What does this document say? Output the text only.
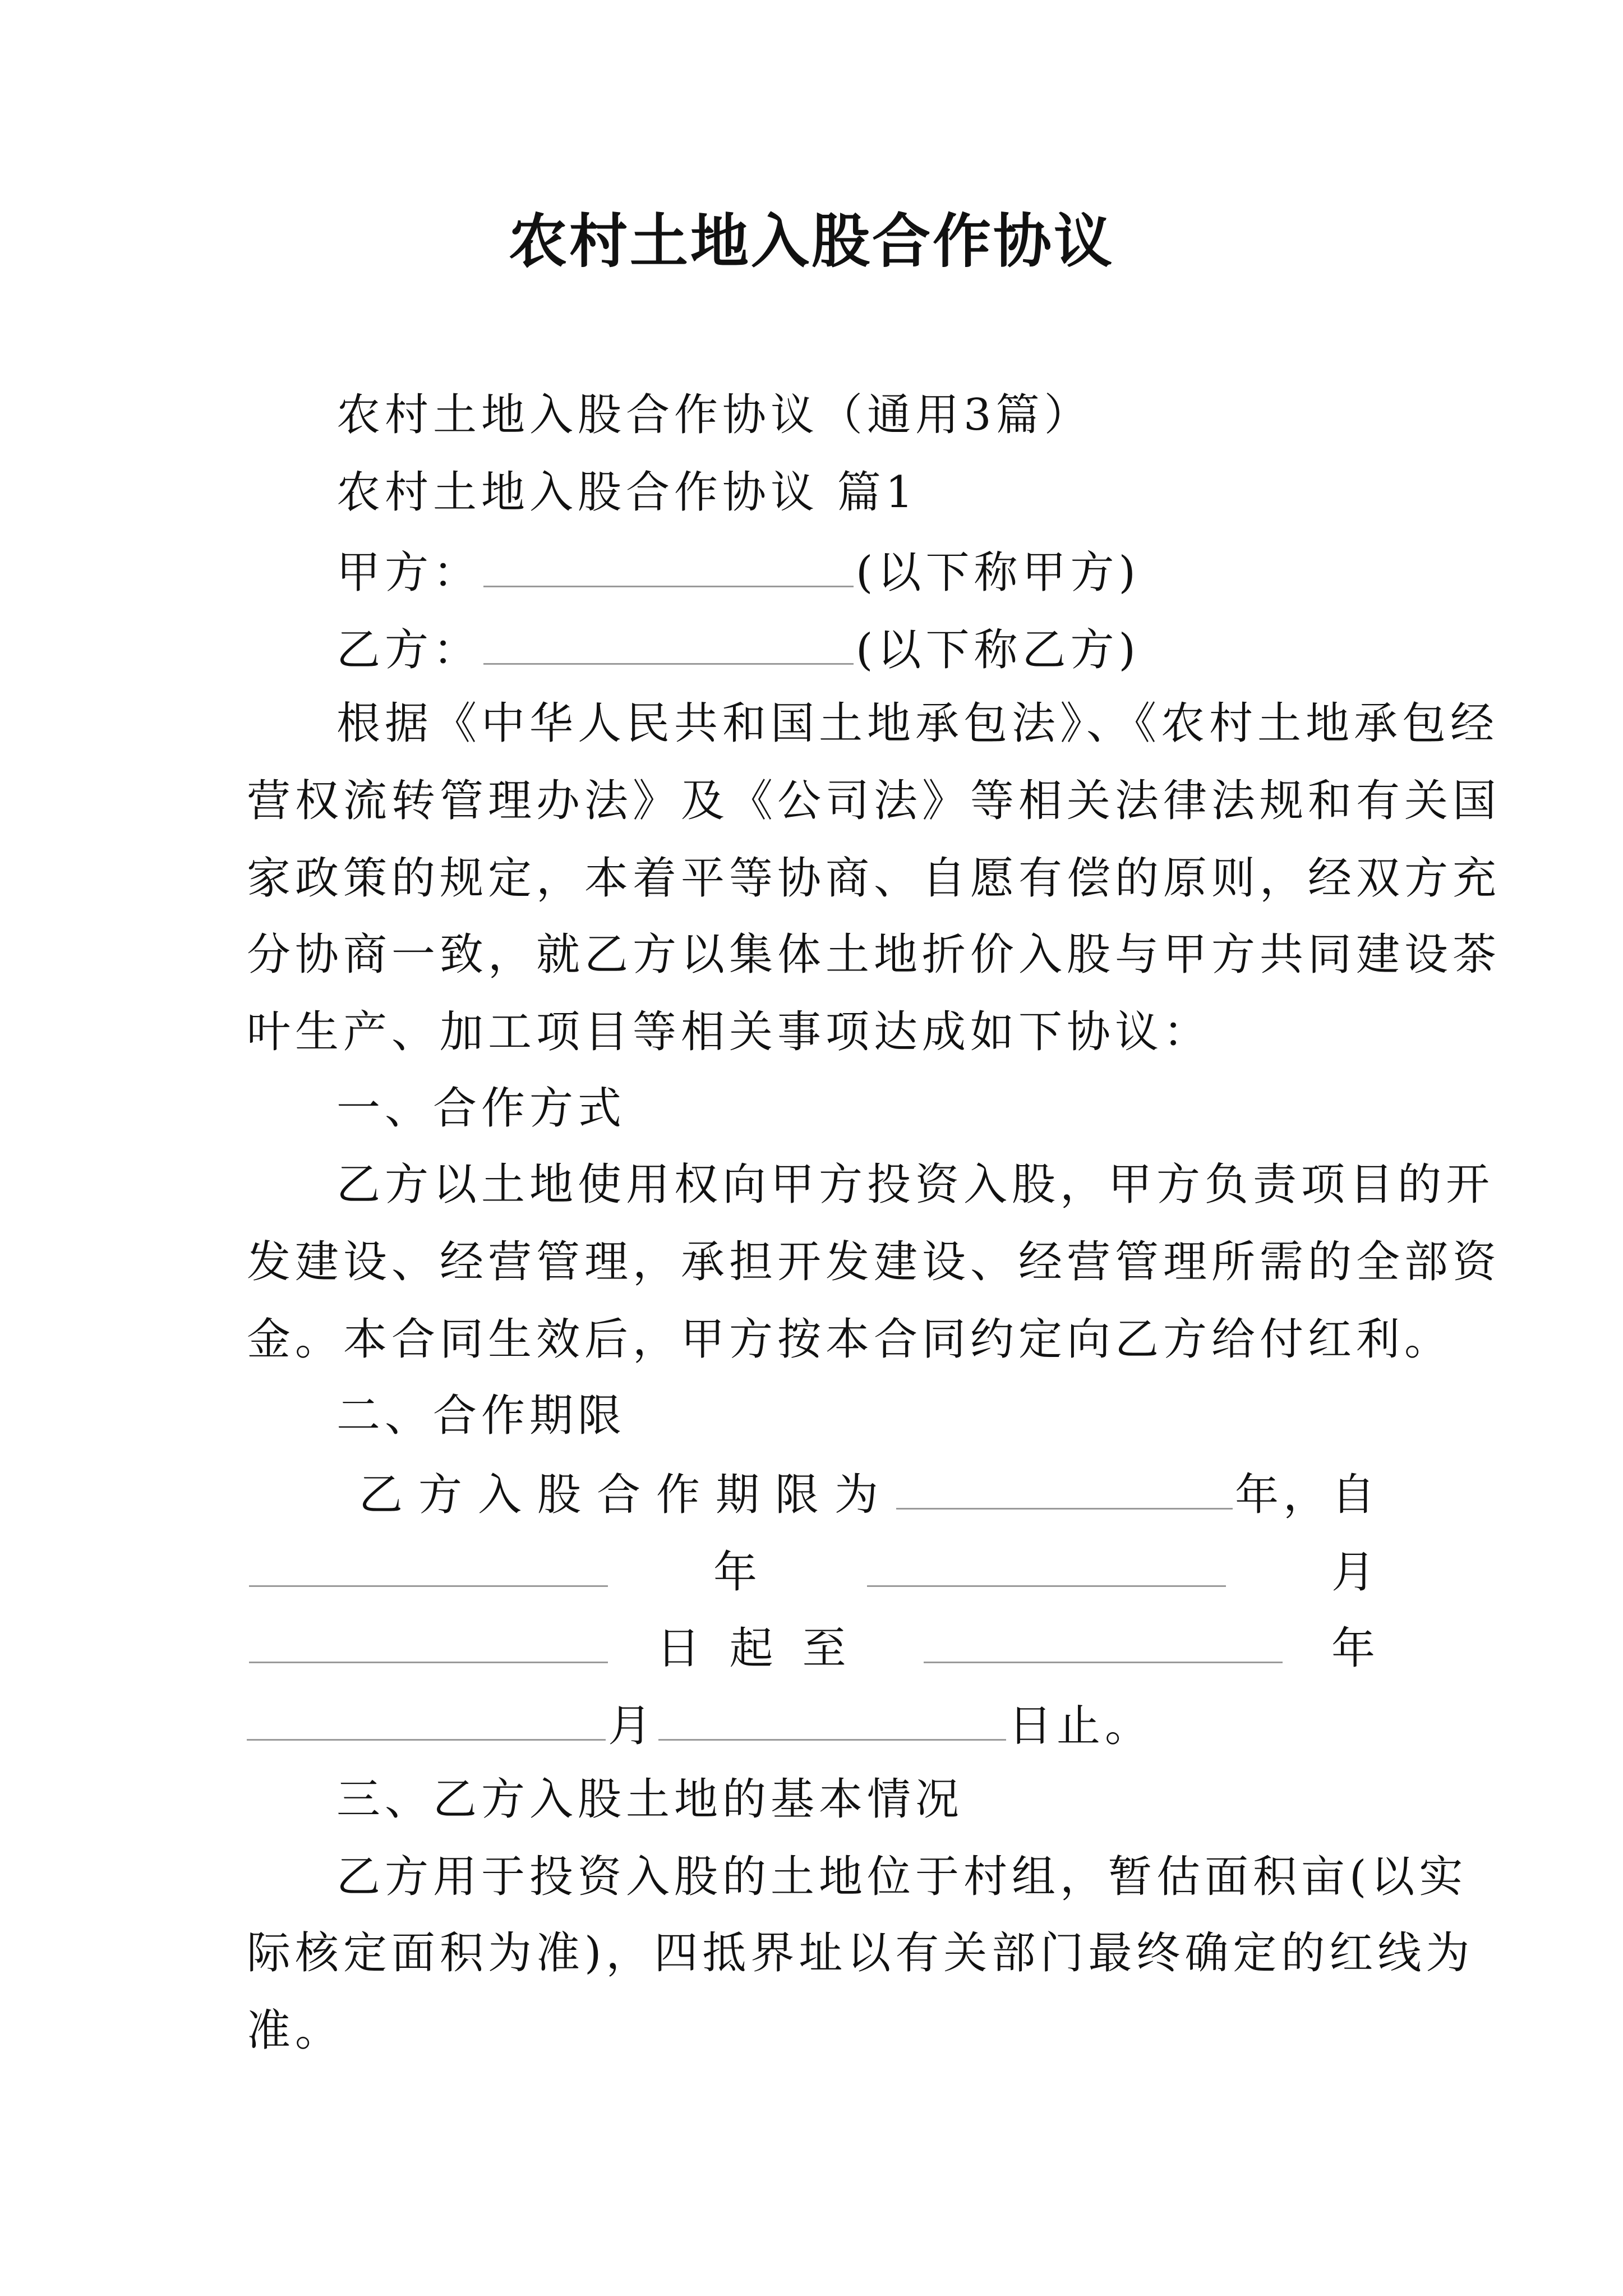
农村土地入股合作协议
农村土地入股合作协议（通用3篇）
农村土地入股合作协议 篇1
甲方：	(以下称甲方)
乙方：	(以下称乙方)
根据《中华人民共和国土地承包法》、《农村土地承包经
营权流转管理办法》及《公司法》等相关法律法规和有关国
家政策的规定，本着平等协商、自愿有偿的原则，经双方充
分协商一致，就乙方以集体土地折价入股与甲方共同建设茶
叶生产、加工项目等相关事项达成如下协议：
一、合作方式
乙方以土地使用权向甲方投资入股，甲方负责项目的开
发建设、经营管理，承担开发建设、经营管理所需的全部资
金。本合同生效后，甲方按本合同约定向乙方给付红利。
二、合作期限
乙方入股合作期限为	年 ，自
年	月
日起至	年
月	日止。
三、乙方入股土地的基本情况
乙方用于投资入股的土地位于村组，暂估面积亩(以实
际核定面积为准)，四抵界址以有关部门最终确定的红线为
准。
